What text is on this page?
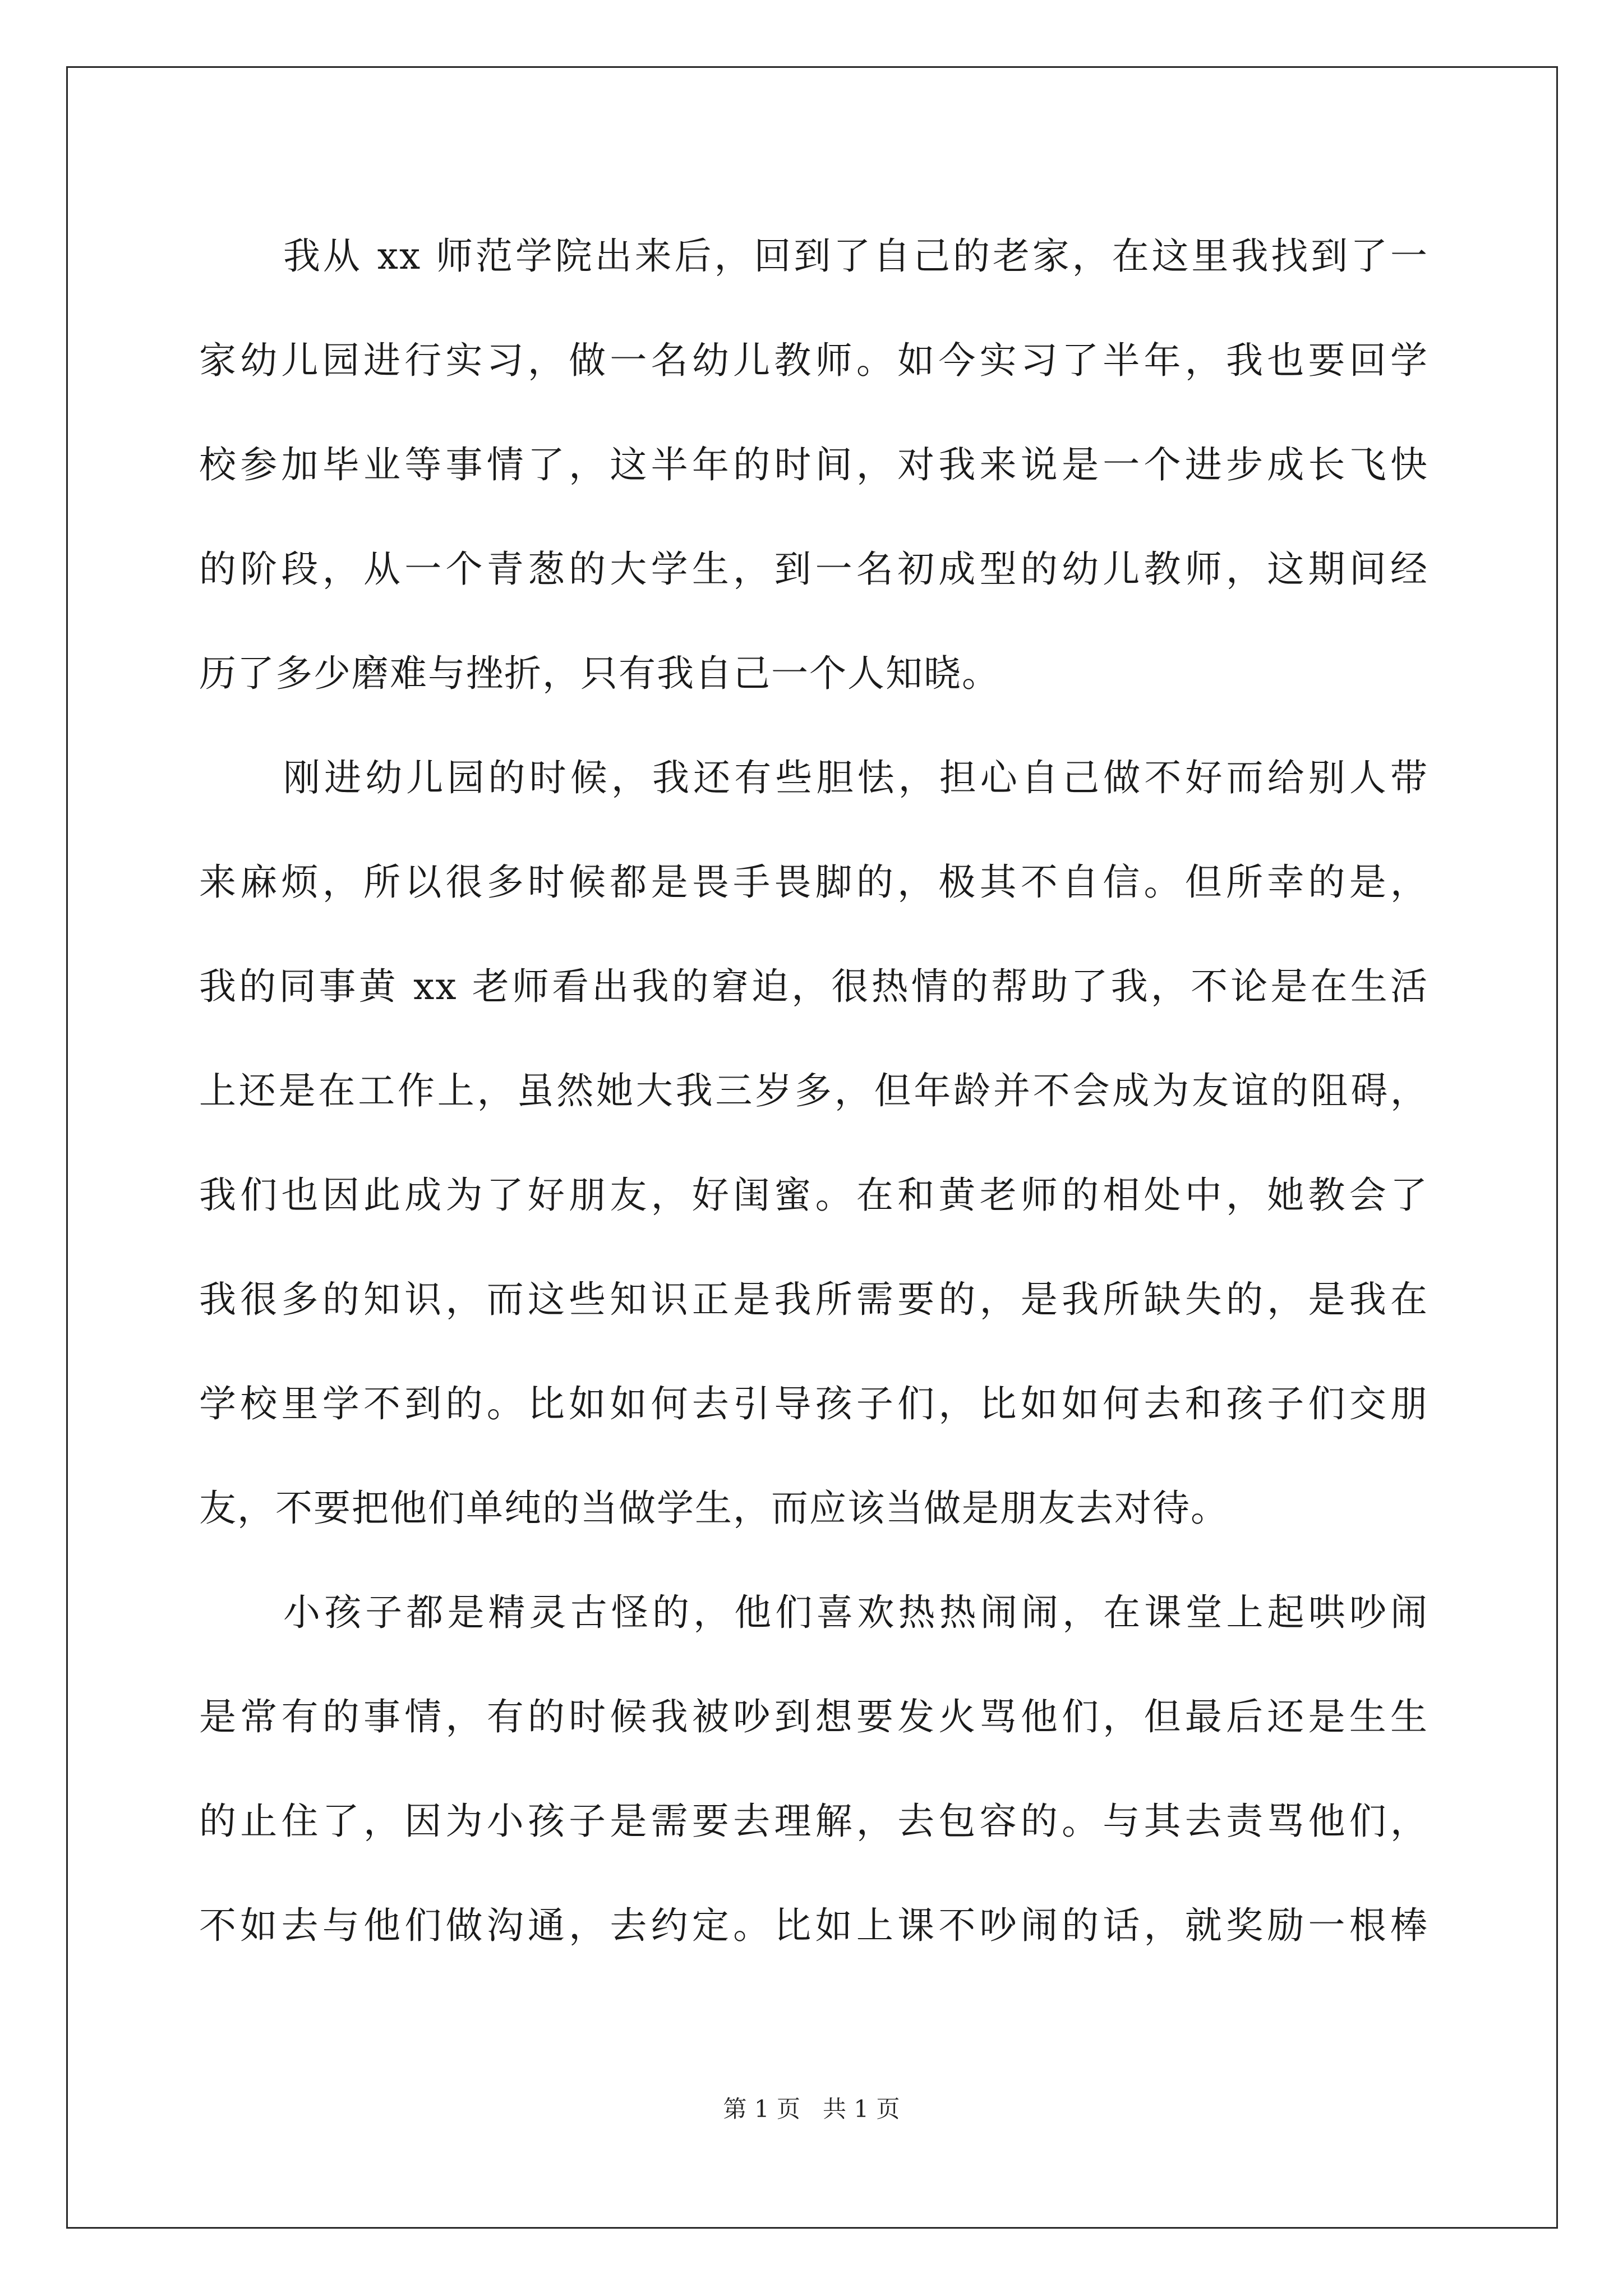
我从 xx 师范学院出来后，回到了自己的老家，在这里我找到了一
家幼儿园进行实习，做一名幼儿教师。如今实习了半年，我也要回学
校参加毕业等事情了，这半年的时间，对我来说是一个进步成长飞快
的阶段，从一个青葱的大学生，到一名初成型的幼儿教师，这期间经
历了多少磨难与挫折，只有我自己一个人知晓。
刚进幼儿园的时候，我还有些胆怯，担心自己做不好而给别人带
来麻烦，所以很多时候都是畏手畏脚的，极其不自信。但所幸的是，
我的同事黄 xx 老师看出我的窘迫，很热情的帮助了我，不论是在生活
上还是在工作上，虽然她大我三岁多，但年龄并不会成为友谊的阻碍，
我们也因此成为了好朋友，好闺蜜。在和黄老师的相处中，她教会了
我很多的知识，而这些知识正是我所需要的，是我所缺失的，是我在
学校里学不到的。比如如何去引导孩子们，比如如何去和孩子们交朋
友，不要把他们单纯的当做学生，而应该当做是朋友去对待。
小孩子都是精灵古怪的，他们喜欢热热闹闹，在课堂上起哄吵闹
是常有的事情，有的时候我被吵到想要发火骂他们，但最后还是生生
的止住了，因为小孩子是需要去理解，去包容的。与其去责骂他们，
不如去与他们做沟通，去约定。比如上课不吵闹的话，就奖励一根棒
第 1 页 共 1 页
